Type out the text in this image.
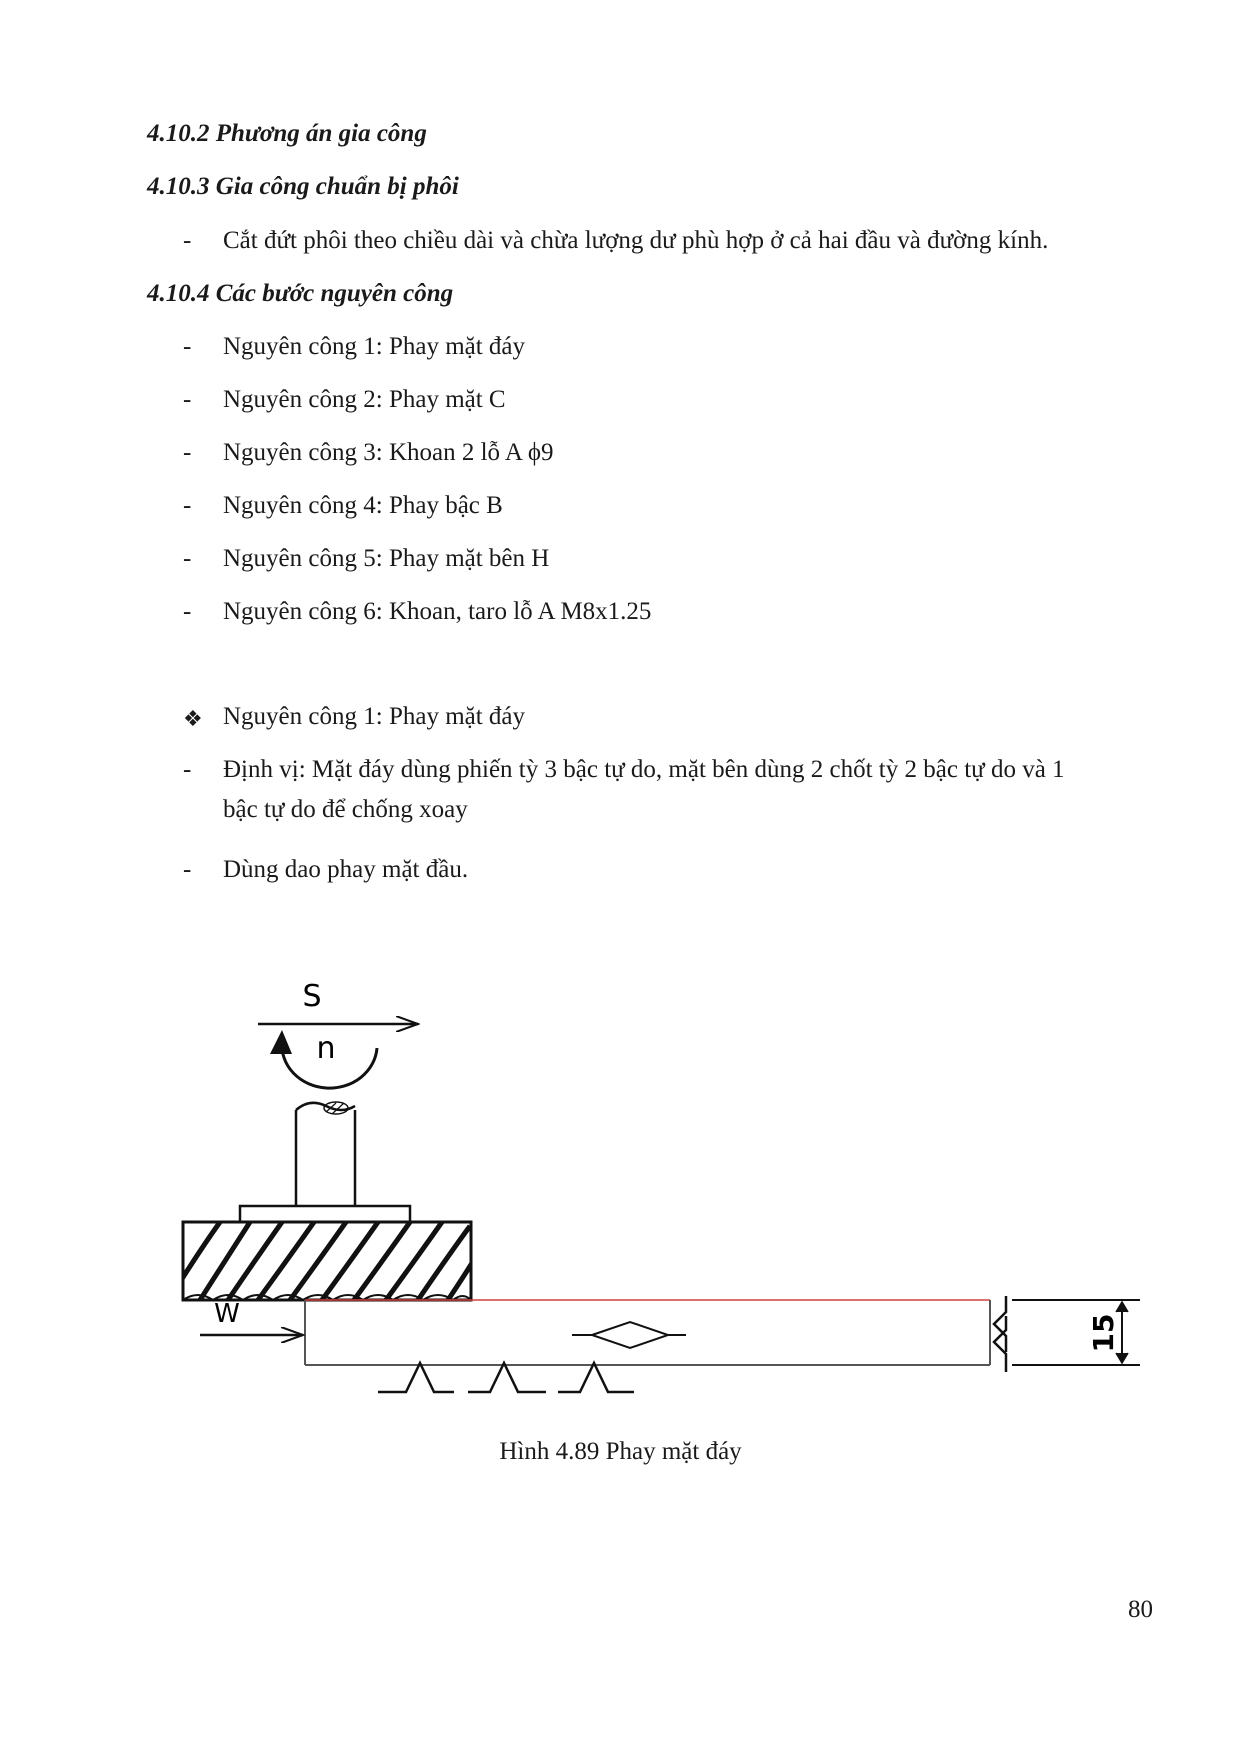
4.10.2 Phương án gia công
4.10.3 Gia công chuẩn bị phôi
- Cắt đứt phôi theo chiều dài và chừa lượng dư phù hợp ở cả hai đầu và đường kính.
4.10.4 Các bước nguyên công
- Nguyên công 1: Phay mặt đáy
- Nguyên công 2: Phay mặt C
- Nguyên công 3: Khoan 2 lỗ A ϕ9
- Nguyên công 4: Phay bậc B
- Nguyên công 5: Phay mặt bên H
- Nguyên công 6: Khoan, taro lỗ A M8x1.25
❖ Nguyên công 1: Phay mặt đáy
- Định vị: Mặt đáy dùng phiến tỳ 3 bậc tự do, mặt bên dùng 2 chốt tỳ 2 bậc tự do và 1
bậc tự do để chống xoay
- Dùng dao phay mặt đầu.
S
n
W	15
Hình 4.89 Phay mặt đáy
80
